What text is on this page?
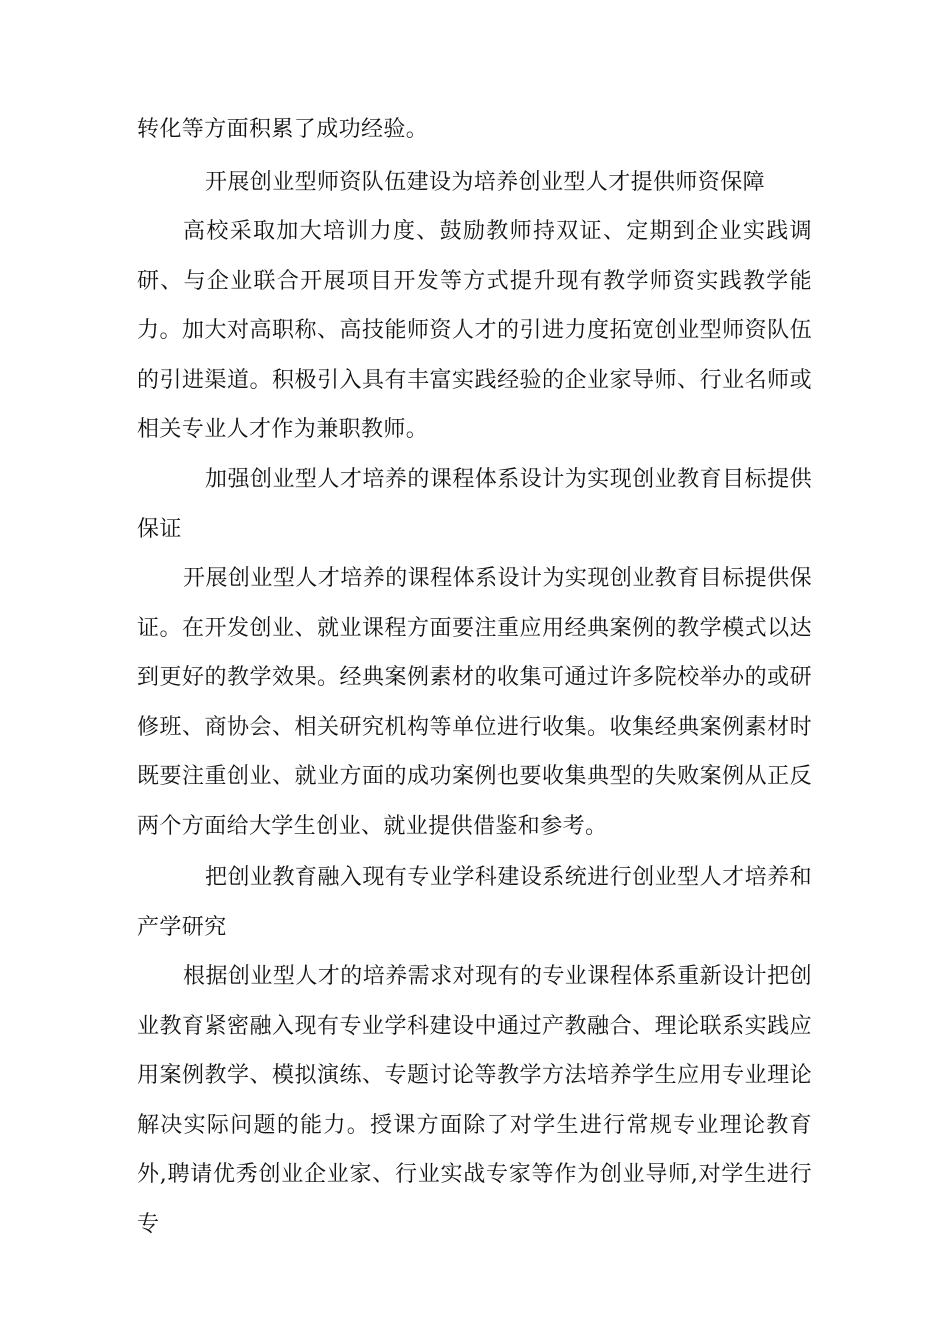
转化等方面积累了成功经验。

开展创业型师资队伍建设为培养创业型人才提供师资保障

高校采取加大培训力度、鼓励教师持双证、定期到企业实践调研、与企业联合开展项目开发等方式提升现有教学师资实践教学能力。加大对高职称、高技能师资人才的引进力度拓宽创业型师资队伍的引进渠道。积极引入具有丰富实践经验的企业家导师、行业名师或相关专业人才作为兼职教师。

加强创业型人才培养的课程体系设计为实现创业教育目标提供保证

开展创业型人才培养的课程体系设计为实现创业教育目标提供保证。在开发创业、就业课程方面要注重应用经典案例的教学模式以达到更好的教学效果。经典案例素材的收集可通过许多院校举办的或研修班、商协会、相关研究机构等单位进行收集。收集经典案例素材时既要注重创业、就业方面的成功案例也要收集典型的失败案例从正反两个方面给大学生创业、就业提供借鉴和参考。

把创业教育融入现有专业学科建设系统进行创业型人才培养和产学研究

根据创业型人才的培养需求对现有的专业课程体系重新设计把创业教育紧密融入现有专业学科建设中通过产教融合、理论联系实践应用案例教学、模拟演练、专题讨论等教学方法培养学生应用专业理论解决实际问题的能力。授课方面除了对学生进行常规专业理论教育外,聘请优秀创业企业家、行业实战专家等作为创业导师,对学生进行专
